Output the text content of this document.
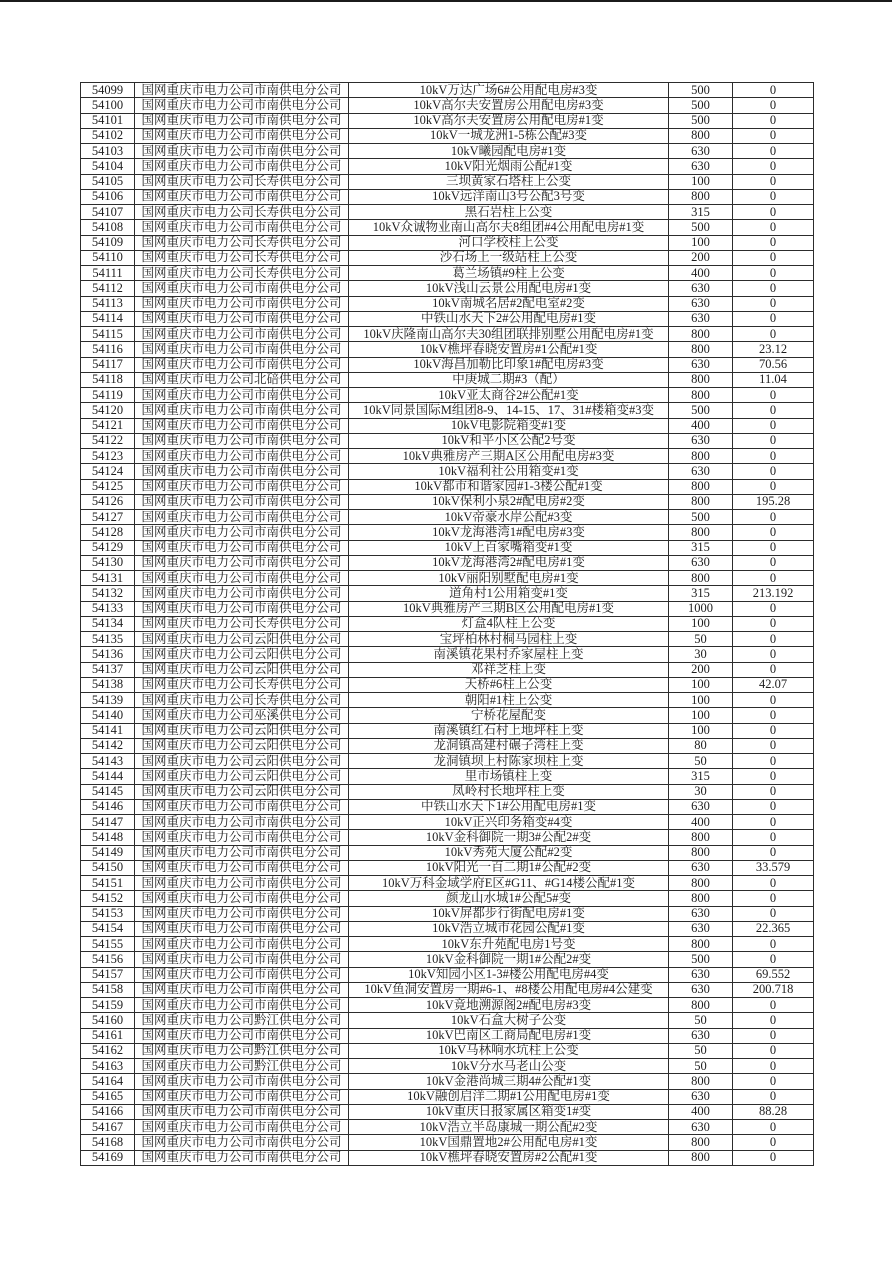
54099	国网重庆市电力公司市南供电分公司	10kV万达广场6#公用配电房#3变	500	0
54100	国网重庆市电力公司市南供电分公司	10kV高尔夫安置房公用配电房#3变	500	0
54101	国网重庆市电力公司市南供电分公司	10kV高尔夫安置房公用配电房#1变	500	0
54102	国网重庆市电力公司市南供电分公司	10kV一城龙洲1-5栋公配#3变	800	0
54103	国网重庆市电力公司市南供电分公司	10kV曦园配电房#1变	630	0
54104	国网重庆市电力公司市南供电分公司	10kV阳光烟雨公配#1变	630	0
54105	国网重庆市电力公司长寿供电分公司	三坝黄家石塔柱上公变	100	0
54106	国网重庆市电力公司市南供电分公司	10kV远洋南山3号公配3号变	800	0
54107	国网重庆市电力公司长寿供电分公司	黑石岩柱上公变	315	0
54108	国网重庆市电力公司市南供电分公司	10kV众诚物业南山高尔夫8组团#4公用配电房#1变	500	0
54109	国网重庆市电力公司长寿供电分公司	河口学校柱上公变	100	0
54110	国网重庆市电力公司长寿供电分公司	沙石场上一级站柱上公变	200	0
54111	国网重庆市电力公司长寿供电分公司	葛兰场镇#9柱上公变	400	0
54112	国网重庆市电力公司市南供电分公司	10kV浅山云景公用配电房#1变	630	0
54113	国网重庆市电力公司市南供电分公司	10kV南城名居#2配电室#2变	630	0
54114	国网重庆市电力公司市南供电分公司	中铁山水天下2#公用配电房#1变	630	0
54115	国网重庆市电力公司市南供电分公司	10kV庆隆南山高尔夫30组团联排别墅公用配电房#1变	800	0
54116	国网重庆市电力公司市南供电分公司	10kV樵坪春晓安置房#1公配#1变	800	23.12
54117	国网重庆市电力公司市南供电分公司	10kV海昌加勒比印象1#配电房#3变	630	70.56
54118	国网重庆市电力公司北碚供电分公司	中庚城二期#3（配）	800	11.04
54119	国网重庆市电力公司市南供电分公司	10kV亚太商谷2#公配#1变	800	0
54120	国网重庆市电力公司市南供电分公司	10kV同景国际M组团8-9、14-15、17、31#楼箱变#3变	500	0
54121	国网重庆市电力公司市南供电分公司	10kV电影院箱变#1变	400	0
54122	国网重庆市电力公司市南供电分公司	10kV和平小区公配2号变	630	0
54123	国网重庆市电力公司市南供电分公司	10kV典雅房产三期A区公用配电房#3变	800	0
54124	国网重庆市电力公司市南供电分公司	10kV福利社公用箱变#1变	630	0
54125	国网重庆市电力公司市南供电分公司	10kV都市和谐家园#1-3楼公配#1变	800	0
54126	国网重庆市电力公司市南供电分公司	10kV保利小泉2#配电房#2变	800	195.28
54127	国网重庆市电力公司市南供电分公司	10kV帝豪水岸公配#3变	500	0
54128	国网重庆市电力公司市南供电分公司	10kV龙海港湾1#配电房#3变	800	0
54129	国网重庆市电力公司市南供电分公司	10kV上百家嘴箱变#1变	315	0
54130	国网重庆市电力公司市南供电分公司	10kV龙海港湾2#配电房#1变	630	0
54131	国网重庆市电力公司市南供电分公司	10kV丽阳别墅配电房#1变	800	0
54132	国网重庆市电力公司市南供电分公司	道角村1公用箱变#1变	315	213.192
54133	国网重庆市电力公司市南供电分公司	10kV典雅房产三期B区公用配电房#1变	1000	0
54134	国网重庆市电力公司长寿供电分公司	灯盒4队柱上公变	100	0
54135	国网重庆市电力公司云阳供电分公司	宝坪柏林村桐马园柱上变	50	0
54136	国网重庆市电力公司云阳供电分公司	南溪镇花果村乔家屋柱上变	30	0
54137	国网重庆市电力公司云阳供电分公司	邓祥芝柱上变	200	0
54138	国网重庆市电力公司长寿供电分公司	天桥#6柱上公变	100	42.07
54139	国网重庆市电力公司长寿供电分公司	朝阳#1柱上公变	100	0
54140	国网重庆市电力公司巫溪供电分公司	宁桥花屋配变	100	0
54141	国网重庆市电力公司云阳供电分公司	南溪镇红石村上地坪柱上变	100	0
54142	国网重庆市电力公司云阳供电分公司	龙洞镇高建村碾子湾柱上变	80	0
54143	国网重庆市电力公司云阳供电分公司	龙洞镇坝上村陈家坝柱上变	50	0
54144	国网重庆市电力公司云阳供电分公司	里市场镇柱上变	315	0
54145	国网重庆市电力公司云阳供电分公司	凤岭村长地坪柱上变	30	0
54146	国网重庆市电力公司市南供电分公司	中铁山水天下1#公用配电房#1变	630	0
54147	国网重庆市电力公司市南供电分公司	10kV正兴印务箱变#4变	400	0
54148	国网重庆市电力公司市南供电分公司	10kV金科御院一期3#公配2#变	800	0
54149	国网重庆市电力公司市南供电分公司	10kV秀苑大厦公配#2变	800	0
54150	国网重庆市电力公司市南供电分公司	10kV阳光一百二期1#公配#2变	630	33.579
54151	国网重庆市电力公司市南供电分公司	10kV万科金域学府E区#G11、#G14楼公配#1变	800	0
54152	国网重庆市电力公司市南供电分公司	颜龙山水城1#公配5#变	800	0
54153	国网重庆市电力公司市南供电分公司	10kV屏都步行街配电房#1变	630	0
54154	国网重庆市电力公司市南供电分公司	10kV浩立城市花园公配#1变	630	22.365
54155	国网重庆市电力公司市南供电分公司	10kV东升苑配电房1号变	800	0
54156	国网重庆市电力公司市南供电分公司	10kV金科御院一期1#公配2#变	500	0
54157	国网重庆市电力公司市南供电分公司	10kV知园小区1-3#楼公用配电房#4变	630	69.552
54158	国网重庆市电力公司市南供电分公司	10kV鱼洞安置房一期#6-1、#8楼公用配电房#4公建变	630	200.718
54159	国网重庆市电力公司市南供电分公司	10kV竟地溯源阁2#配电房#3变	800	0
54160	国网重庆市电力公司黔江供电分公司	10kV石盒大树子公变	50	0
54161	国网重庆市电力公司市南供电分公司	10kV巴南区工商局配电房#1变	630	0
54162	国网重庆市电力公司黔江供电分公司	10kV马林响水坑柱上公变	50	0
54163	国网重庆市电力公司黔江供电分公司	10kV分水马老山公变	50	0
54164	国网重庆市电力公司市南供电分公司	10kV金港尚城三期4#公配#1变	800	0
54165	国网重庆市电力公司市南供电分公司	10kV融创启洋二期#1公用配电房#1变	630	0
54166	国网重庆市电力公司市南供电分公司	10kV重庆日报家属区箱变1#变	400	88.28
54167	国网重庆市电力公司市南供电分公司	10kV浩立半岛康城一期公配#2变	630	0
54168	国网重庆市电力公司市南供电分公司	10kV国鼎置地2#公用配电房#1变	800	0
54169	国网重庆市电力公司市南供电分公司	10kV樵坪春晓安置房#2公配#1变	800	0
